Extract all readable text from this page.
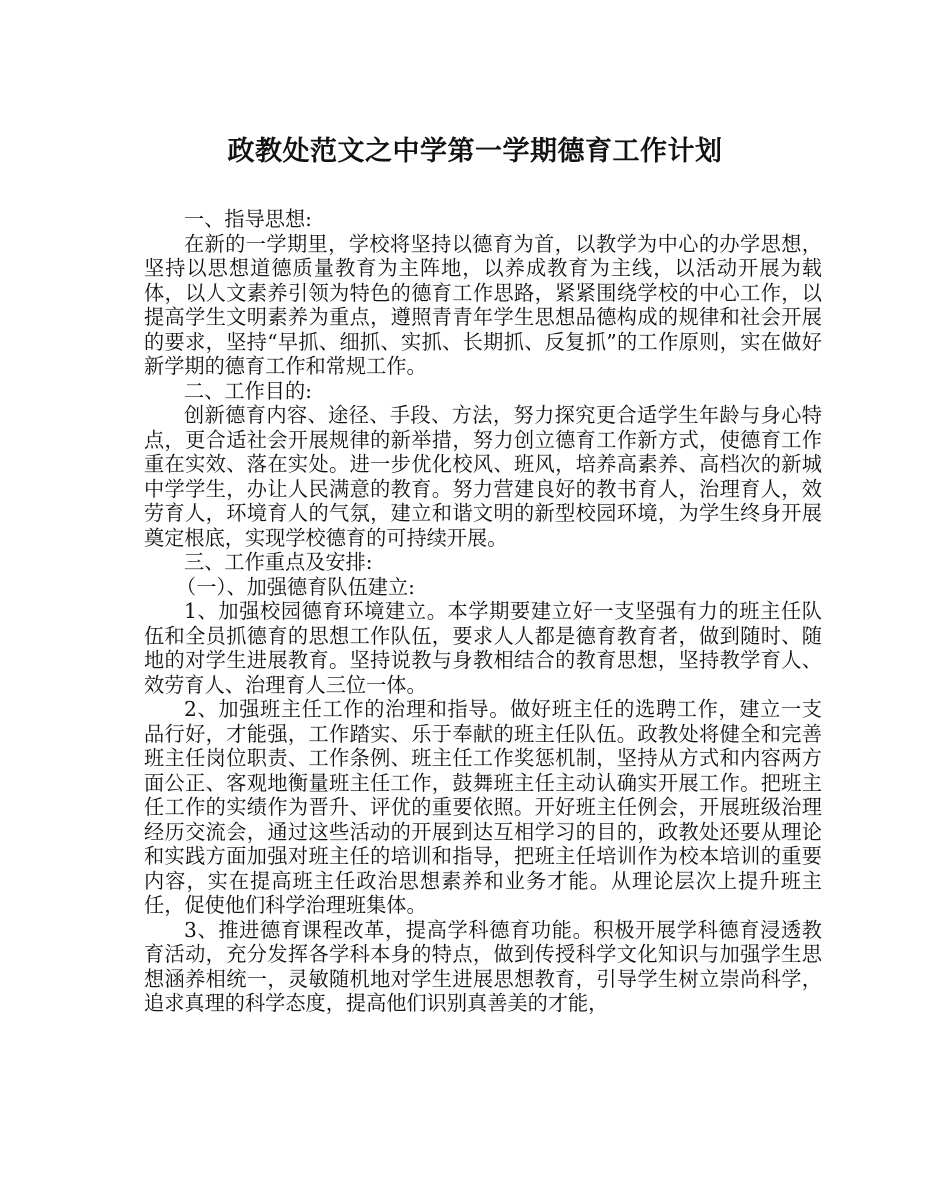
政教处范文之中学第一学期德育工作计划

一、指导思想:

在新的一学期里，学校将坚持以德育为首，以教学为中心的办学思想，坚持以思想道德质量教育为主阵地，以养成教育为主线，以活动开展为载体，以人文素养引领为特色的德育工作思路，紧紧围绕学校的中心工作，以提高学生文明素养为重点，遵照青青年学生思想品德构成的规律和社会开展的要求，坚持“早抓、细抓、实抓、长期抓、反复抓”的工作原则，实在做好新学期的德育工作和常规工作。

二、工作目的:

创新德育内容、途径、手段、方法，努力探究更合适学生年龄与身心特点，更合适社会开展规律的新举措，努力创立德育工作新方式，使德育工作重在实效、落在实处。进一步优化校风、班风，培养高素养、高档次的新城中学学生，办让人民满意的教育。努力营建良好的教书育人，治理育人，效劳育人，环境育人的气氛，建立和谐文明的新型校园环境，为学生终身开展奠定根底，实现学校德育的可持续开展。

三、工作重点及安排:

（一）、加强德育队伍建立:

1、加强校园德育环境建立。本学期要建立好一支坚强有力的班主任队伍和全员抓德育的思想工作队伍，要求人人都是德育教育者，做到随时、随地的对学生进展教育。坚持说教与身教相结合的教育思想，坚持教学育人、效劳育人、治理育人三位一体。

2、加强班主任工作的治理和指导。做好班主任的选聘工作，建立一支品行好，才能强，工作踏实、乐于奉献的班主任队伍。政教处将健全和完善班主任岗位职责、工作条例、班主任工作奖惩机制，坚持从方式和内容两方面公正、客观地衡量班主任工作，鼓舞班主任主动认确实开展工作。把班主任工作的实绩作为晋升、评优的重要依照。开好班主任例会，开展班级治理经历交流会，通过这些活动的开展到达互相学习的目的，政教处还要从理论和实践方面加强对班主任的培训和指导，把班主任培训作为校本培训的重要内容，实在提高班主任政治思想素养和业务才能。从理论层次上提升班主任，促使他们科学治理班集体。

3、推进德育课程改革，提高学科德育功能。积极开展学科德育浸透教育活动，充分发挥各学科本身的特点，做到传授科学文化知识与加强学生思想涵养相统一，灵敏随机地对学生进展思想教育，引导学生树立崇尚科学，追求真理的科学态度，提高他们识别真善美的才能，
